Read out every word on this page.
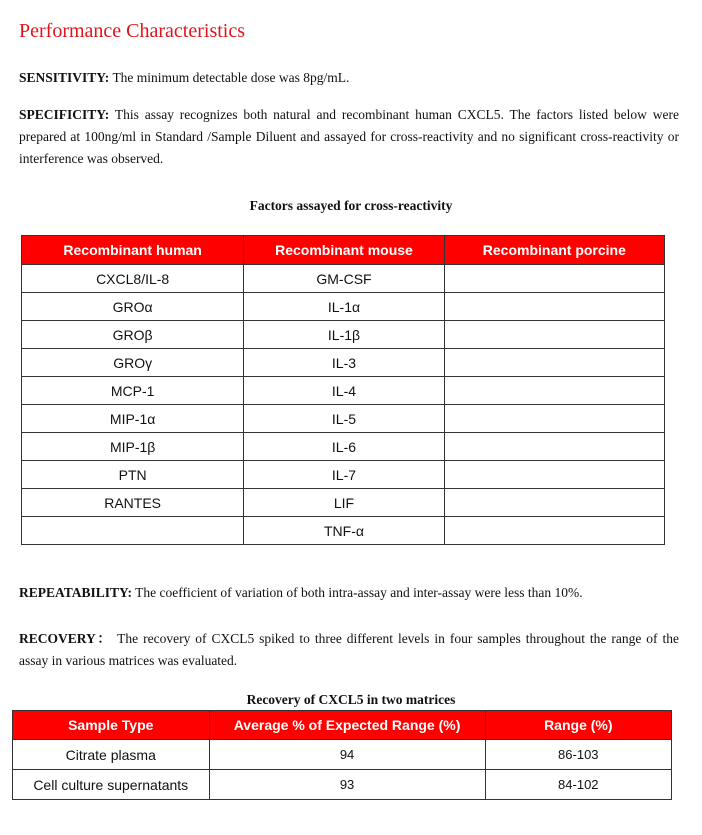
Performance Characteristics
SENSITIVITY: The minimum detectable dose was 8pg/mL.
SPECIFICITY: This assay recognizes both natural and recombinant human CXCL5. The factors listed below were prepared at 100ng/ml in Standard /Sample Diluent and assayed for cross-reactivity and no significant cross-reactivity or interference was observed.
Factors assayed for cross-reactivity
Recombinant human	Recombinant mouse	Recombinant porcine
CXCL8/IL-8	GM-CSF	
GROα	IL-1α	
GROβ	IL-1β	
GROγ	IL-3	
MCP-1	IL-4	
MIP-1α	IL-5	
MIP-1β	IL-6	
PTN	IL-7	
RANTES	LIF	
	TNF-α	
REPEATABILITY: The coefficient of variation of both intra-assay and inter-assay were less than 10%.
RECOVERY： The recovery of CXCL5 spiked to three different levels in four samples throughout the range of the assay in various matrices was evaluated.
Recovery of CXCL5 in two matrices
Sample Type	Average % of Expected Range (%)	Range (%)
Citrate plasma	94	86-103
Cell culture supernatants	93	84-102
